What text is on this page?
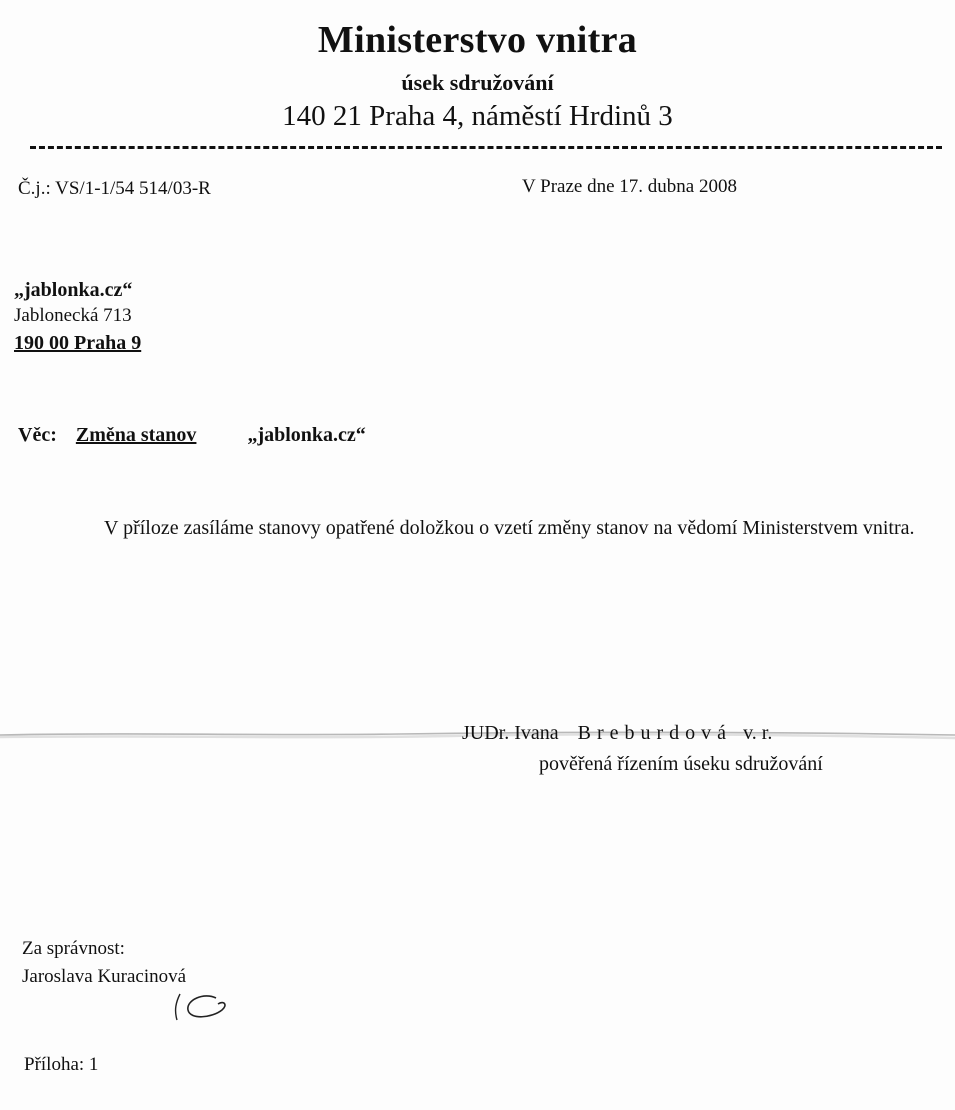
Ministerstvo vnitra
úsek sdružování
140 21 Praha 4, náměstí Hrdinů 3
Č.j.: VS/1-1/54 514/03-R	V Praze dne 17. dubna 2008
„jablonka.cz“
Jablonecká 713
190 00 Praha 9
Věc: Změna stanov	„jablonka.cz“
V příloze zasíláme stanovy opatřené doložkou o vzetí změny stanov na vědomí Ministerstvem vnitra.
JUDr. Ivana Breburdová v. r.
pověřená řízením úseku sdružování
Za správnost:
Jaroslava Kuracinová
Příloha: 1
